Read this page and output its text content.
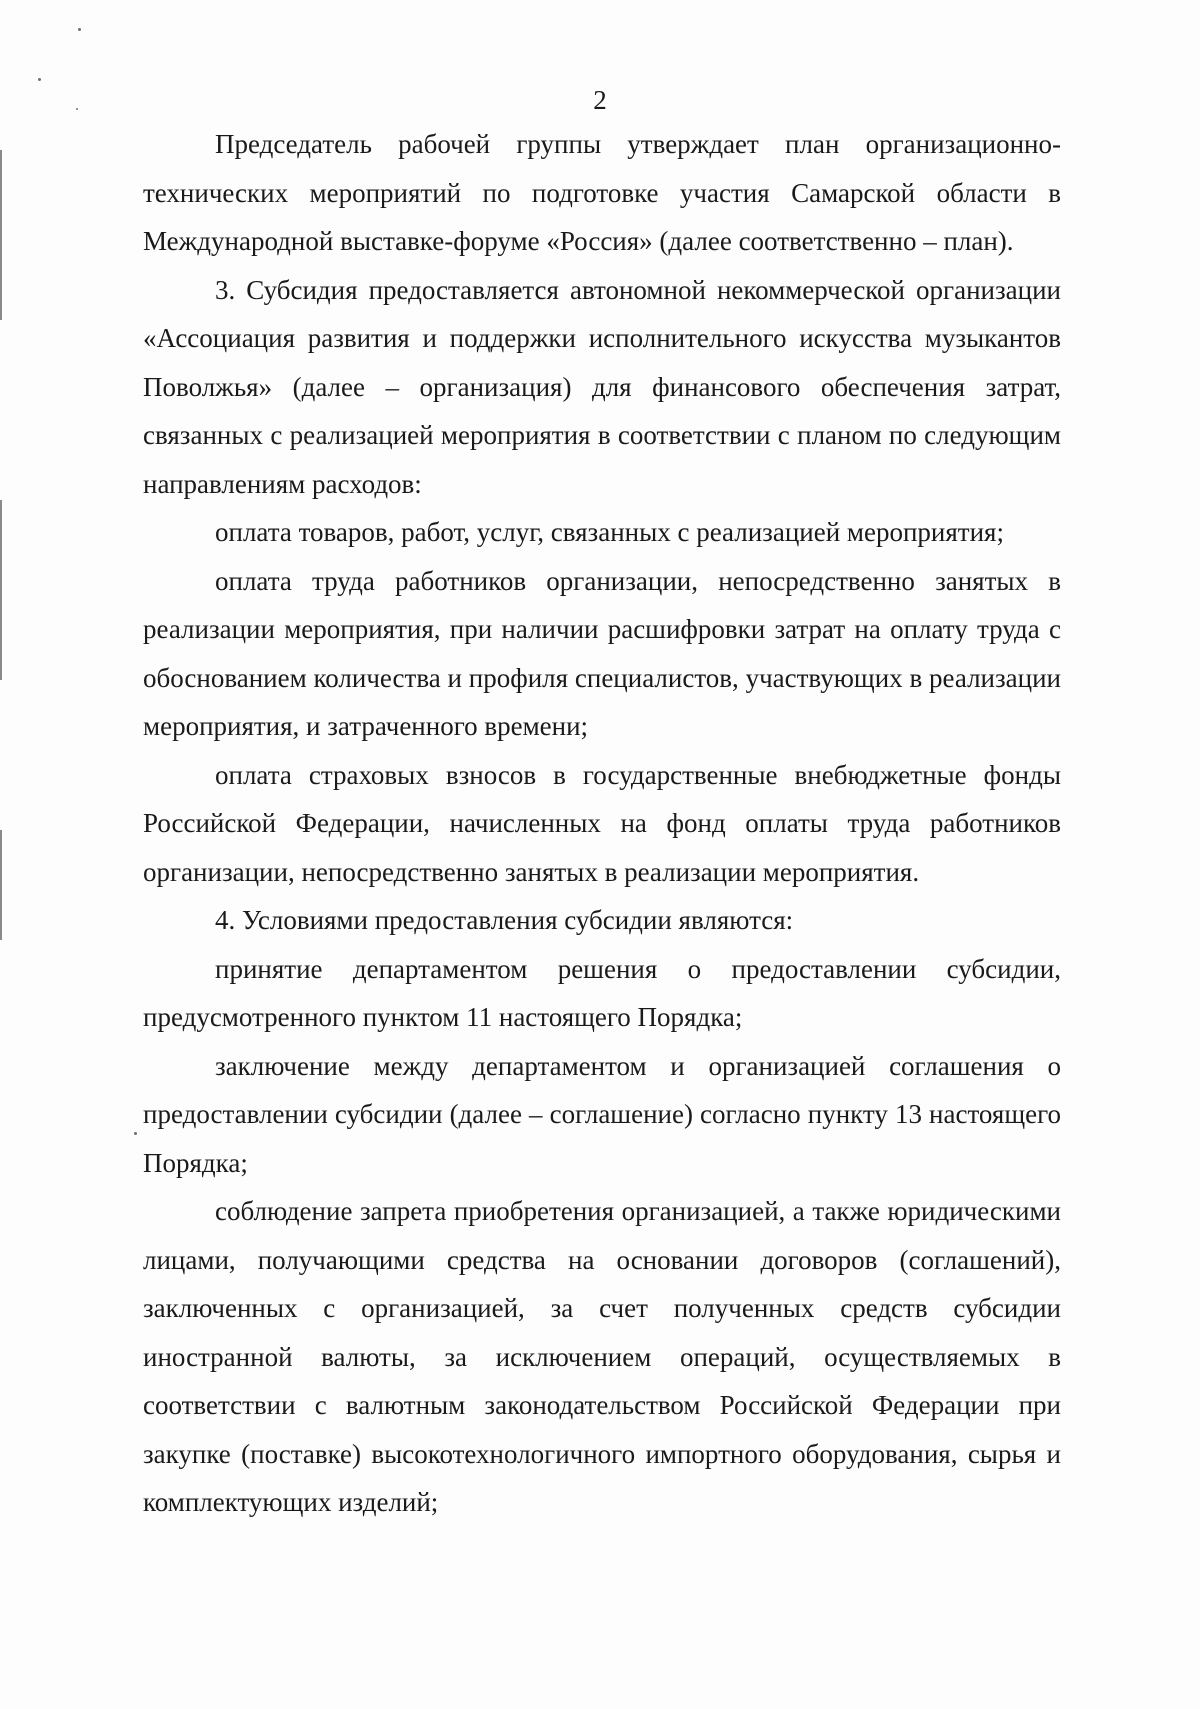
2

Председатель рабочей группы утверждает план организационно-технических мероприятий по подготовке участия Самарской области в Международной выставке-форуме «Россия» (далее соответственно – план).

3. Субсидия предоставляется автономной некоммерческой организации «Ассоциация развития и поддержки исполнительного искусства музыкантов Поволжья» (далее – организация) для финансового обеспечения затрат, связанных с реализацией мероприятия в соответствии с планом по следующим направлениям расходов:

оплата товаров, работ, услуг, связанных с реализацией мероприятия;

оплата труда работников организации, непосредственно занятых в реализации мероприятия, при наличии расшифровки затрат на оплату труда с обоснованием количества и профиля специалистов, участвующих в реализации мероприятия, и затраченного времени;

оплата страховых взносов в государственные внебюджетные фонды Российской Федерации, начисленных на фонд оплаты труда работников организации, непосредственно занятых в реализации мероприятия.

4. Условиями предоставления субсидии являются:

принятие департаментом решения о предоставлении субсидии, предусмотренного пунктом 11 настоящего Порядка;

заключение между департаментом и организацией соглашения о предоставлении субсидии (далее – соглашение) согласно пункту 13 настоящего Порядка;

соблюдение запрета приобретения организацией, а также юридическими лицами, получающими средства на основании договоров (соглашений), заключенных с организацией, за счет полученных средств субсидии иностранной валюты, за исключением операций, осуществляемых в соответствии с валютным законодательством Российской Федерации при закупке (поставке) высокотехнологичного импортного оборудования, сырья и комплектующих изделий;
